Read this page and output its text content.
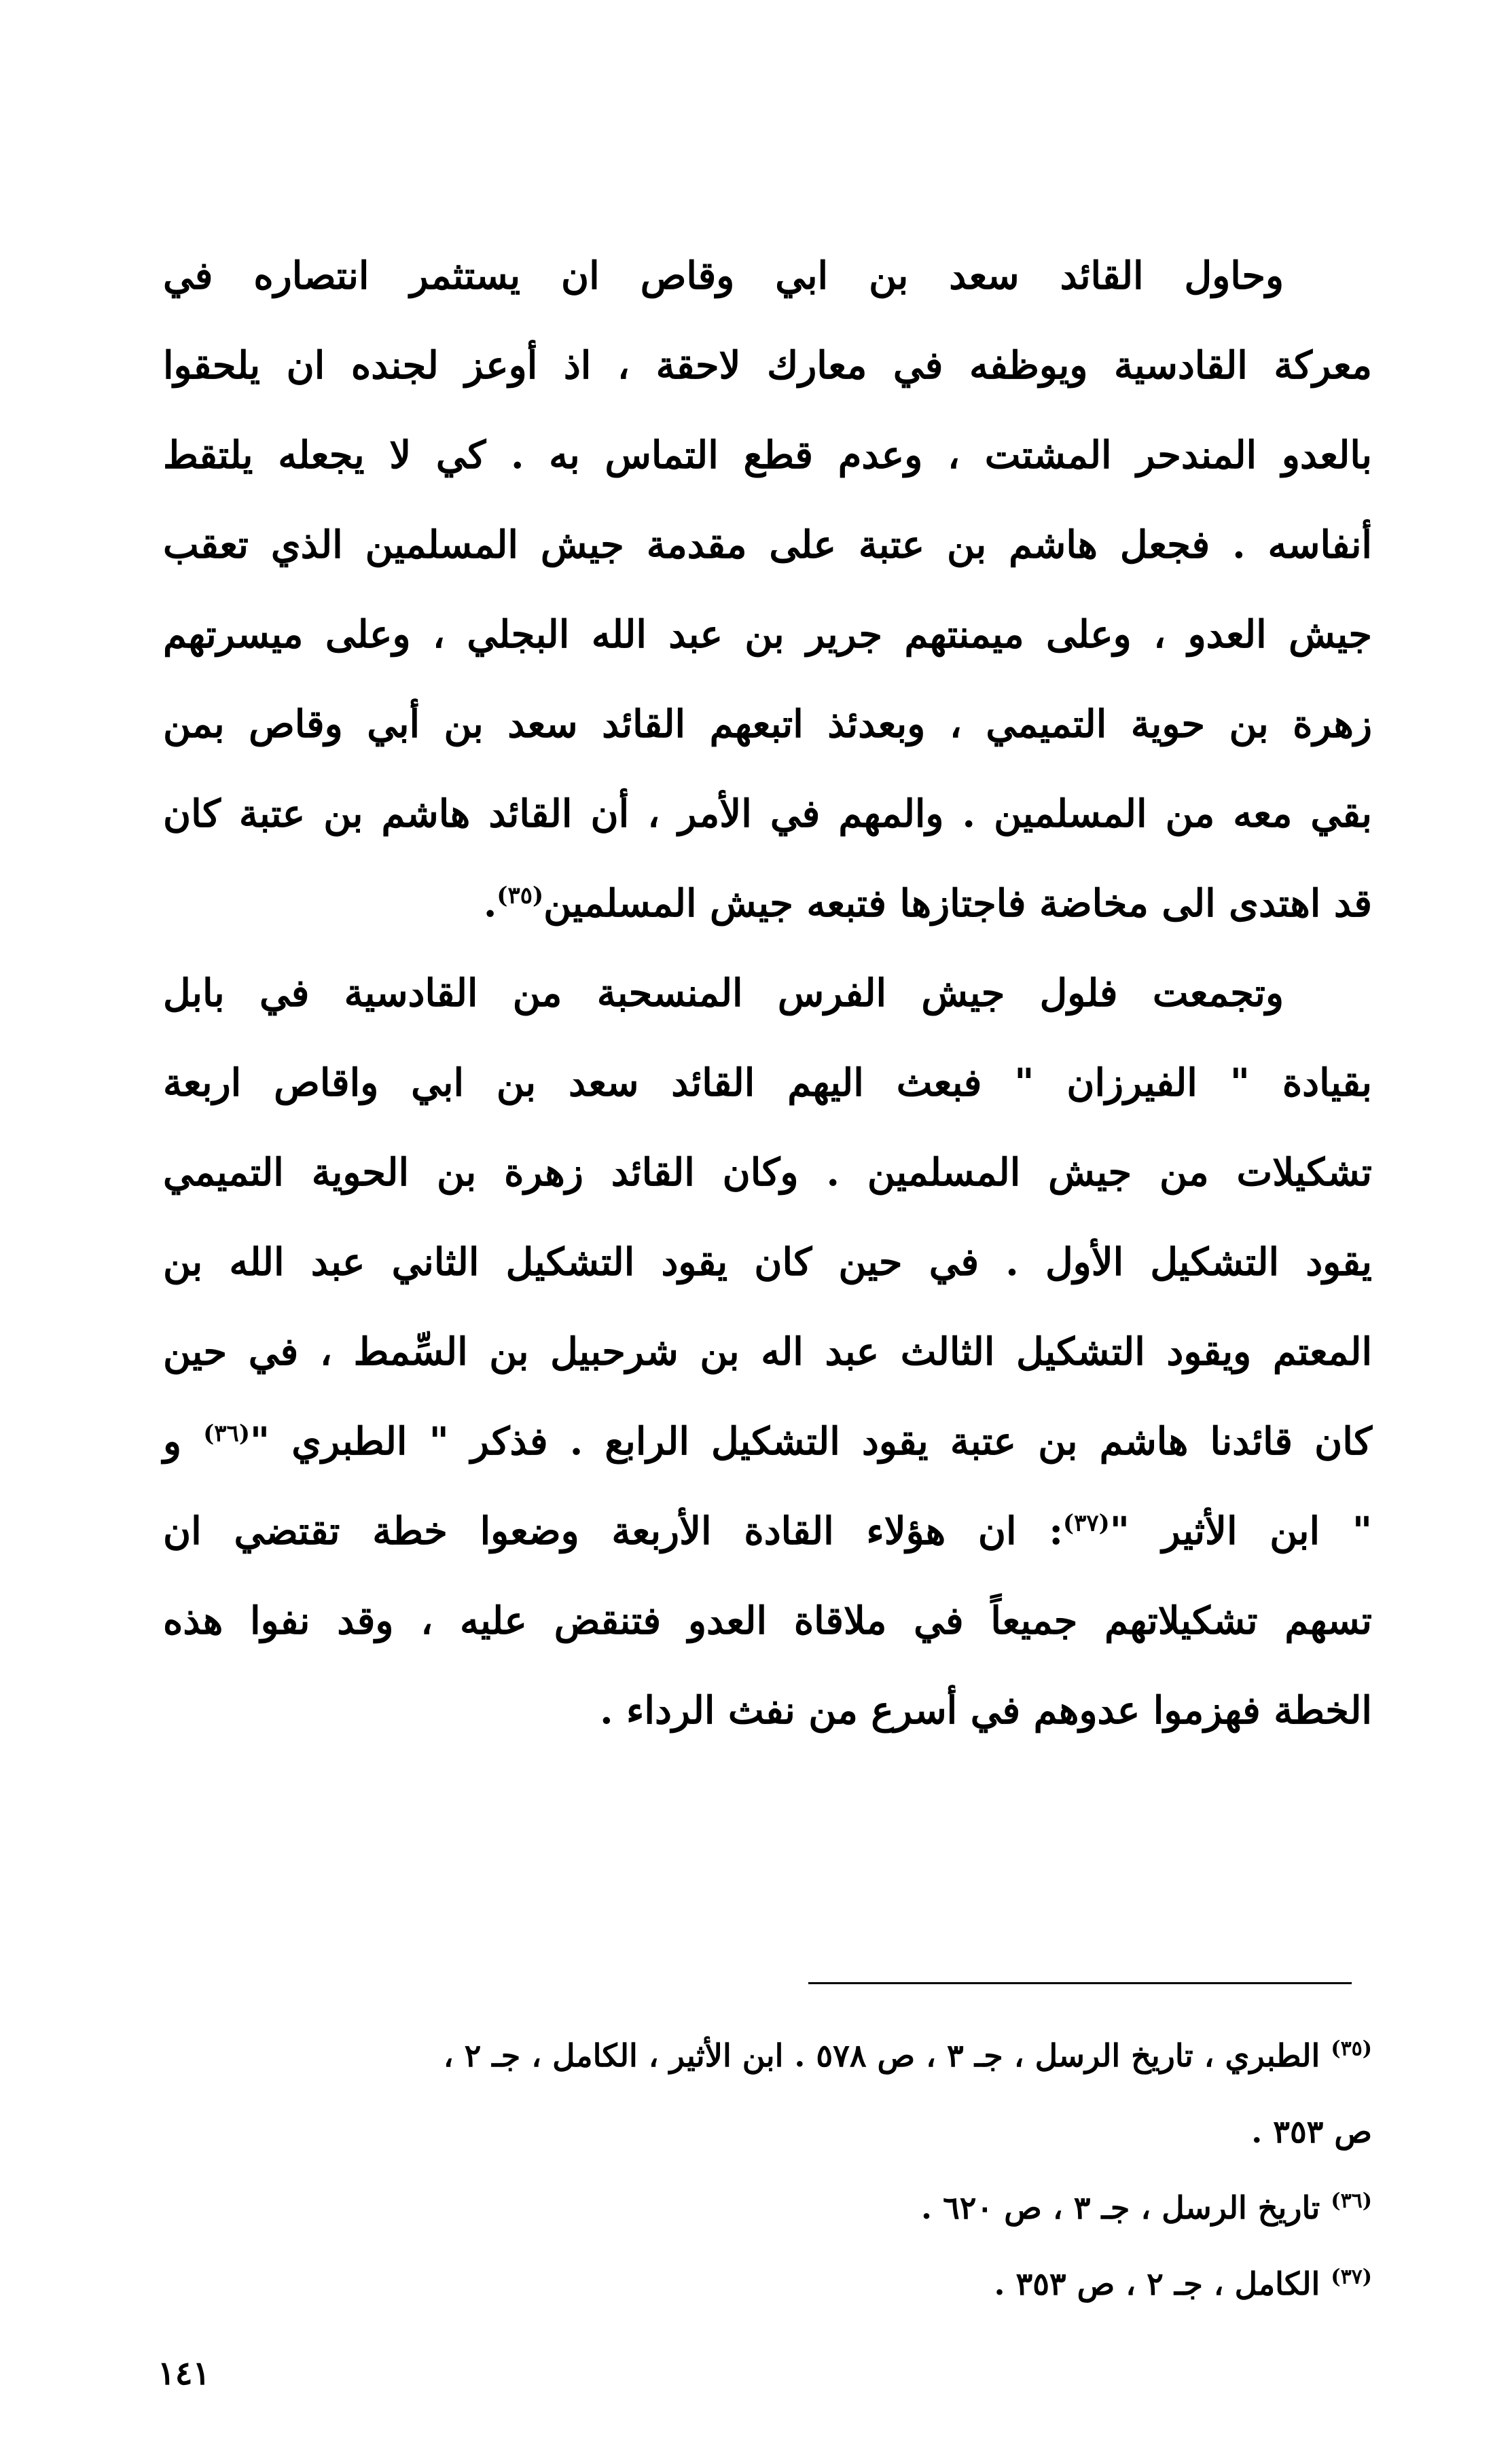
وحاول القائد سعد بن ابي وقاص ان يستثمر انتصاره في
معركة القادسية ويوظفه في معارك لاحقة ، اذ أوعز لجنده ان يلحقوا
بالعدو المندحر المشتت ، وعدم قطع التماس به . كي لا يجعله يلتقط
أنفاسه . فجعل هاشم بن عتبة على مقدمة جيش المسلمين الذي تعقب
جيش العدو ، وعلى ميمنتهم جرير بن عبد الله البجلي ، وعلى ميسرتهم
زهرة بن حوية التميمي ، وبعدئذ اتبعهم القائد سعد بن أبي وقاص بمن
بقي معه من المسلمين . والمهم في الأمر ، أن القائد هاشم بن عتبة كان
قد اهتدى الى مخاضة فاجتازها فتبعه جيش المسلمين$^{(٣٥)}$.
وتجمعت فلول جيش الفرس المنسحبة من القادسية في بابل
بقيادة " الفيرزان " فبعث اليهم القائد سعد بن ابي واقاص اربعة
تشكيلات من جيش المسلمين . وكان القائد زهرة بن الحوية التميمي
يقود التشكيل الأول . في حين كان يقود التشكيل الثاني عبد الله بن
المعتم ويقود التشكيل الثالث عبد اله بن شرحبيل بن السِّمط ، في حين
كان قائدنا هاشم بن عتبة يقود التشكيل الرابع . فذكر " الطبري "$^{(٣٦)}$ و
" ابن الأثير "$^{(٣٧)}$: ان هؤلاء القادة الأربعة وضعوا خطة تقتضي ان
تسهم تشكيلاتهم جميعاً في ملاقاة العدو فتنقض عليه ، وقد نفوا هذه
الخطة فهزموا عدوهم في أسرع من نفث الرداء .
$^{(٣٥)}$ الطبري ، تاريخ الرسل ، جـ ٣ ، ص ٥٧٨ . ابن الأثير ، الكامل ، جـ ٢ ،
ص ٣٥٣ .
$^{(٣٦)}$ تاريخ الرسل ، جـ ٣ ، ص ٦٢٠ .
$^{(٣٧)}$ الكامل ، جـ ٢ ، ص ٣٥٣ .
١٤١
